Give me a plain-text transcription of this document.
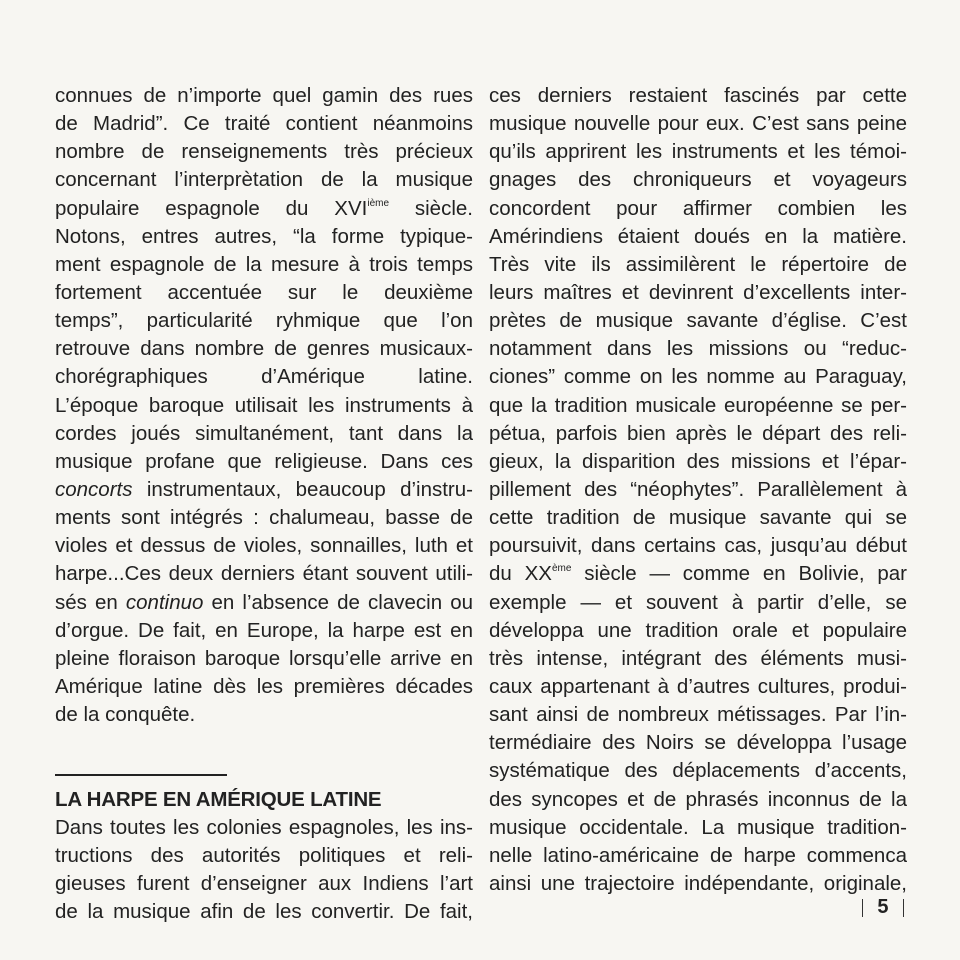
connues de n’importe quel gamin des rues
de Madrid”. Ce traité contient néanmoins
nombre de renseignements très précieux
concernant l’interprètation de la musique
populaire espagnole du XVIième siècle.
Notons, entres autres, “la forme typique-
ment espagnole de la mesure à trois temps
fortement accentuée sur le deuxième
temps”, particularité ryhmique que l’on
retrouve dans nombre de genres musicaux-
chorégraphiques d’Amérique latine.
L’époque baroque utilisait les instruments à
cordes joués simultanément, tant dans la
musique profane que religieuse. Dans ces
concorts instrumentaux, beaucoup d’instru-
ments sont intégrés : chalumeau, basse de
violes et dessus de violes, sonnailles, luth et
harpe...Ces deux derniers étant souvent utili-
sés en continuo en l’absence de clavecin ou
d’orgue. De fait, en Europe, la harpe est en
pleine floraison baroque lorsqu’elle arrive en
Amérique latine dès les premières décades
de la conquête.
LA HARPE EN AMÉRIQUE LATINE
Dans toutes les colonies espagnoles, les ins-
tructions des autorités politiques et reli-
gieuses furent d’enseigner aux Indiens l’art
de la musique afin de les convertir. De fait,
ces derniers restaient fascinés par cette
musique nouvelle pour eux. C’est sans peine
qu’ils apprirent les instruments et les témoi-
gnages des chroniqueurs et voyageurs
concordent pour affirmer combien les
Amérindiens étaient doués en la matière.
Très vite ils assimilèrent le répertoire de
leurs maîtres et devinrent d’excellents inter-
prètes de musique savante d’église. C’est
notamment dans les missions ou “reduc-
ciones” comme on les nomme au Paraguay,
que la tradition musicale européenne se per-
pétua, parfois bien après le départ des reli-
gieux, la disparition des missions et l’épar-
pillement des “néophytes”. Parallèlement à
cette tradition de musique savante qui se
poursuivit, dans certains cas, jusqu’au début
du XXème siècle — comme en Bolivie, par
exemple — et souvent à partir d’elle, se
développa une tradition orale et populaire
très intense, intégrant des éléments musi-
caux appartenant à d’autres cultures, produi-
sant ainsi de nombreux métissages. Par l’in-
termédiaire des Noirs se développa l’usage
systématique des déplacements d’accents,
des syncopes et de phrasés inconnus de la
musique occidentale. La musique tradition-
nelle latino-américaine de harpe commenca
ainsi une trajectoire indépendante, originale,
5
